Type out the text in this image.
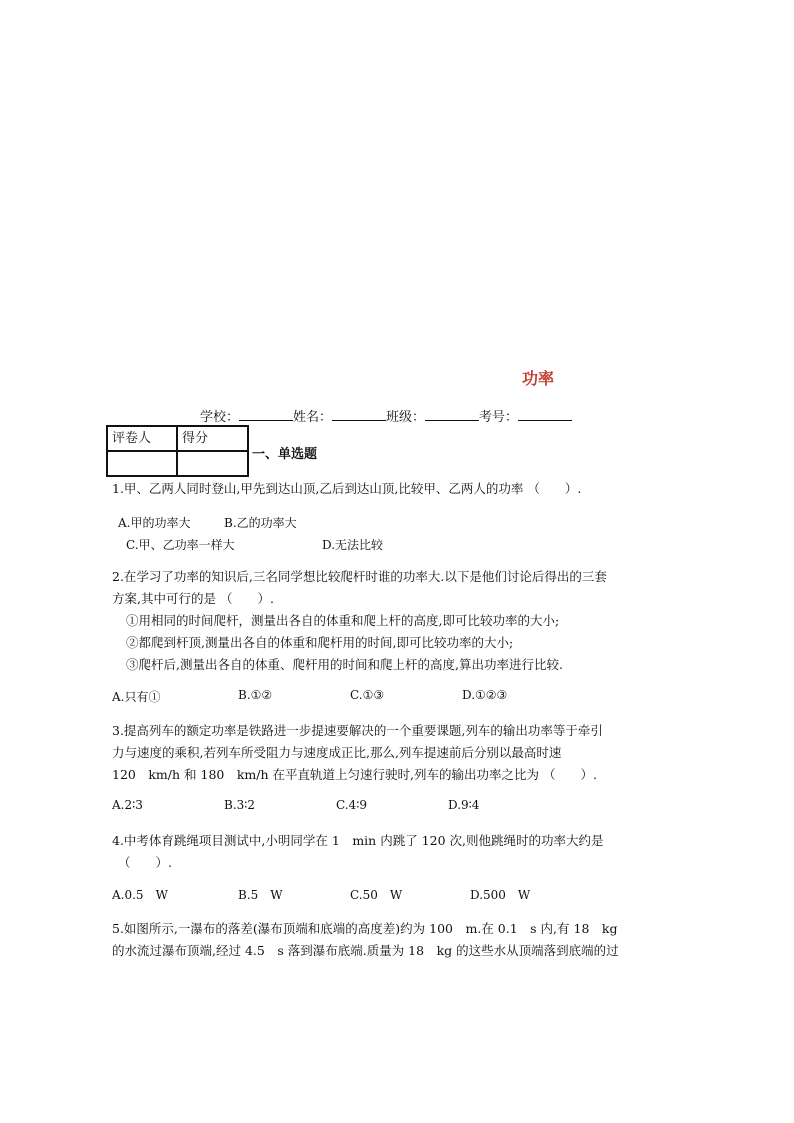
功率
学校：	姓名：	班级：	考号：
评卷人	得分

一、单选题
1.甲、乙两人同时登山,甲先到达山顶,乙后到达山顶,比较甲、乙两人的功率 （　　）.
A.甲的功率大	B.乙的功率大
C.甲、乙功率一样大	D.无法比较
2.在学习了功率的知识后,三名同学想比较爬杆时谁的功率大.以下是他们讨论后得出的三套
方案,其中可行的是 （　　）.
①用相同的时间爬杆，测量出各自的体重和爬上杆的高度,即可比较功率的大小;
②都爬到杆顶,测量出各自的体重和爬杆用的时间,即可比较功率的大小;
③爬杆后,测量出各自的体重、爬杆用的时间和爬上杆的高度,算出功率进行比较.
A.只有①	B.①②	C.①③	D.①②③
3.提高列车的额定功率是铁路进一步提速要解决的一个重要课题,列车的输出功率等于牵引
力与速度的乘积,若列车所受阻力与速度成正比,那么,列车提速前后分别以最高时速
120　km/h 和 180　km/h 在平直轨道上匀速行驶时,列车的输出功率之比为 （　　）.
A.2∶3	B.3∶2	C.4∶9	D.9∶4
4.中考体育跳绳项目测试中,小明同学在 1　min 内跳了 120 次,则他跳绳时的功率大约是
（　　）.
A.0.5　W	B.5　W	C.50　W	D.500　W
5.如图所示,一瀑布的落差(瀑布顶端和底端的高度差)约为 100　m.在 0.1　s 内,有 18　kg
的水流过瀑布顶端,经过 4.5　s 落到瀑布底端.质量为 18　kg 的这些水从顶端落到底端的过
